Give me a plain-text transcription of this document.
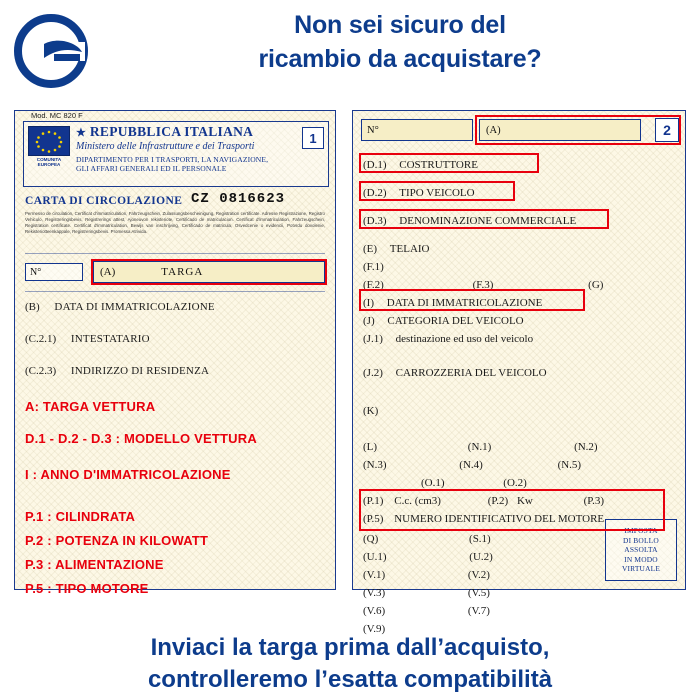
Non sei sicuro del
ricambio da acquistare?
Mod. MC 820 F
COMUNITA
EUROPEA
★ REPUBBLICA ITALIANA
Ministero delle Infrastrutture e dei Trasporti
DIPARTIMENTO PER I TRASPORTI, LA NAVIGAZIONE,
GLI AFFARI GENERALI ED IL PERSONALE
1
CARTA DI CIRCOLAZIONE CZ 0816623
Permesso de circulation, Certificat d'immatriculation, Fahrzeugschein, Zulassungsbescheinigung, Registration certificate. Adresse Registrazione, Registro Vehiculo, Registreringsbevis, Registrerings attest, Ajoneuvon rekisteriote, Certificado de matriculacion. Certificat d'immatriculation, Fahrzeugschein, Registration certificate. Certificat d'immatriculation, Bewijs van inschrijving, Certificado de matricula, Osvedcenie o evidencii, Potvrdu dovolenie, Rekisteriotteenkappale, Registreringsbevis. Promessa Atrivida.
N°	(A)	TARGA
(B) DATA DI IMMATRICOLAZIONE
(C.2.1) INTESTATARIO
(C.2.3) INDIRIZZO DI RESIDENZA
A: TARGA VETTURA
D.1 - D.2 - D.3 : MODELLO VETTURA
I : ANNO D'IMMATRICOLAZIONE
P.1 : CILINDRATA
P.2 : POTENZA IN KILOWATT
P.3 : ALIMENTAZIONE
P.5 : TIPO MOTORE
N°	(A)	2
(D.1) COSTRUTTORE
(D.2) TIPO VEICOLO
(D.3) DENOMINAZIONE COMMERCIALE
(E) TELAIO
(F.1)
(F.2)	(F.3)	(G)
(I) DATA DI IMMATRICOLAZIONE
(J) CATEGORIA DEL VEICOLO
(J.1) destinazione ed uso del veicolo
(J.2) CARROZZERIA DEL VEICOLO
(K)
(L)	(N.1)	(N.2)
(N.3)	(N.4)	(N.5)
(O.1)	(O.2)
(P.1) C.c. (cm3)	(P.2) Kw	(P.3)
(P.5) NUMERO IDENTIFICATIVO DEL MOTORE
(Q)	(S.1)
(U.1)	(U.2)
(V.1)	(V.2)
(V.3)	(V.5)
(V.6)	(V.7)
(V.9)
IMPOSTA
DI BOLLO
ASSOLTA
IN MODO
VIRTUALE
Inviaci la targa prima dall’acquisto,
controlleremo l’esatta compatibilità
